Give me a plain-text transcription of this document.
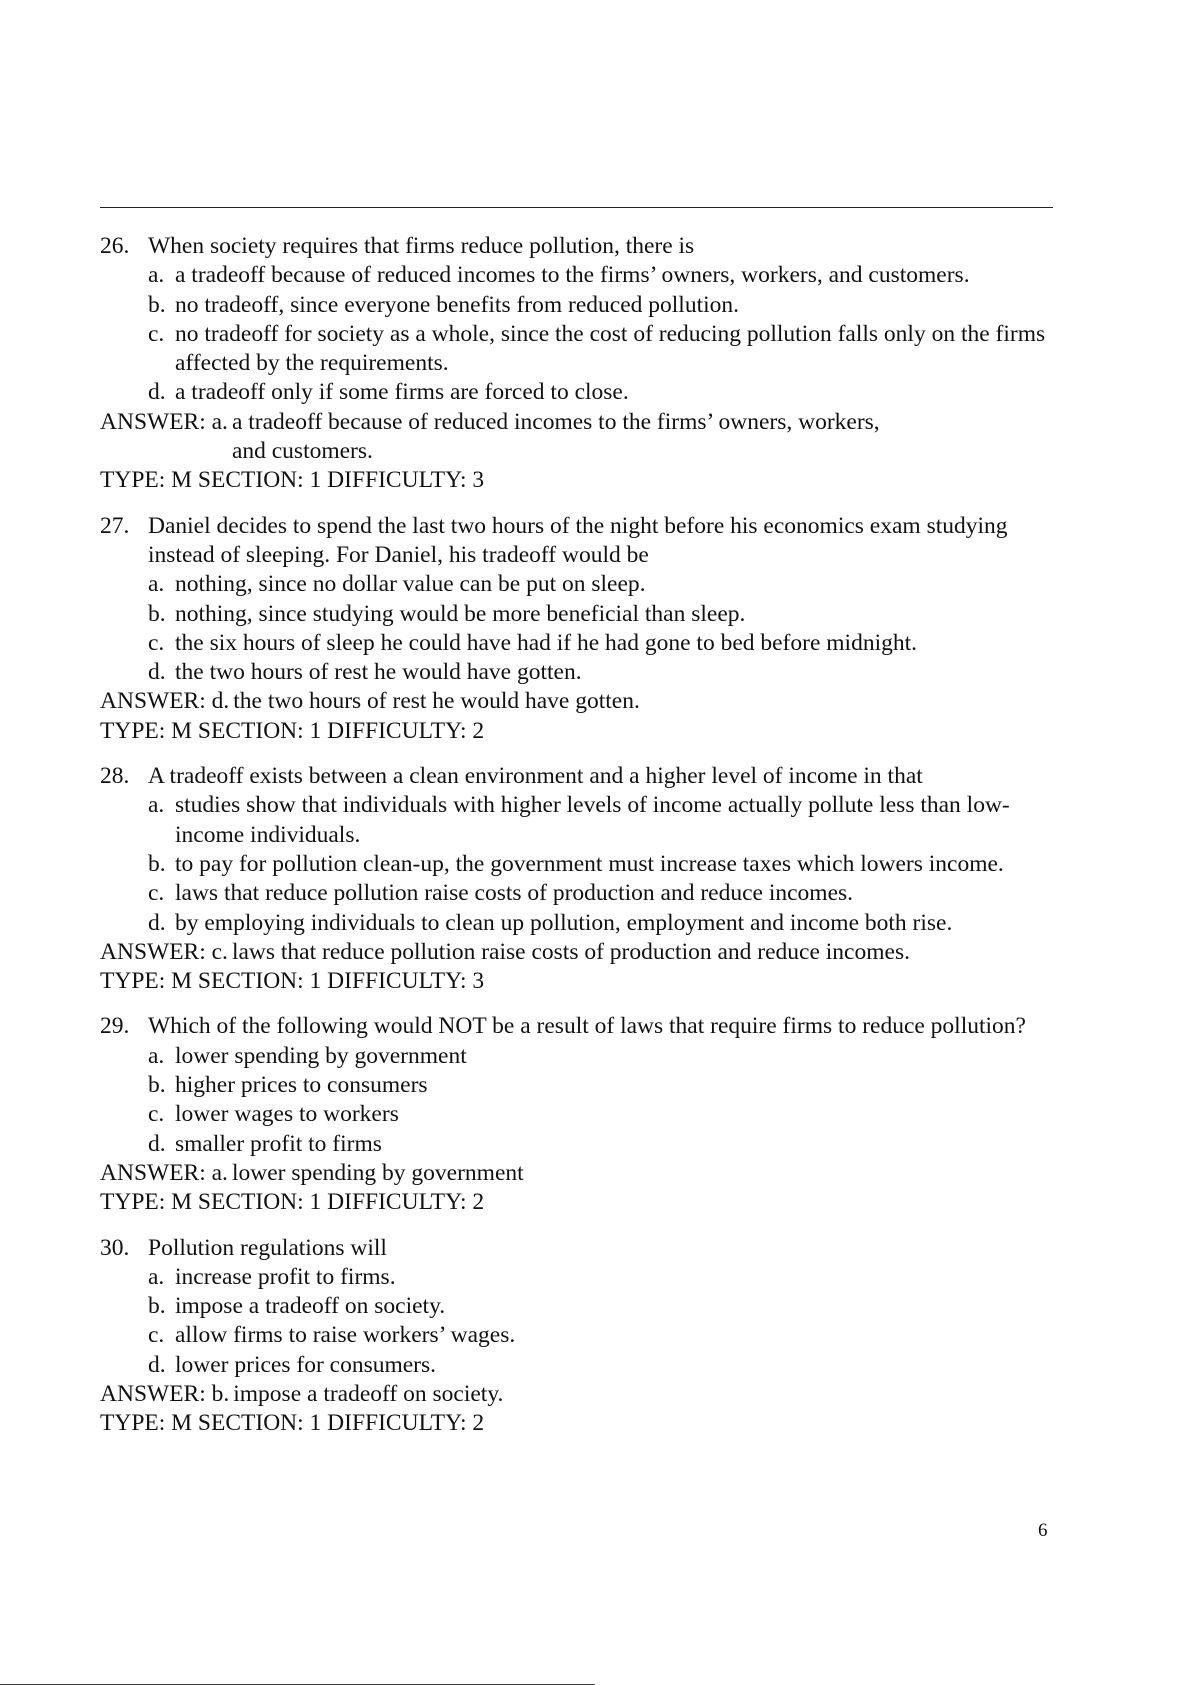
26. When society requires that firms reduce pollution, there is
a. a tradeoff because of reduced incomes to the firms’ owners, workers, and customers.
b. no tradeoff, since everyone benefits from reduced pollution.
c. no tradeoff for society as a whole, since the cost of reducing pollution falls only on the firms affected by the requirements.
d. a tradeoff only if some firms are forced to close.
ANSWER: a. a tradeoff because of reduced incomes to the firms’ owners, workers, and customers.
TYPE: M SECTION: 1 DIFFICULTY: 3
27. Daniel decides to spend the last two hours of the night before his economics exam studying instead of sleeping. For Daniel, his tradeoff would be
a. nothing, since no dollar value can be put on sleep.
b. nothing, since studying would be more beneficial than sleep.
c. the six hours of sleep he could have had if he had gone to bed before midnight.
d. the two hours of rest he would have gotten.
ANSWER: d. the two hours of rest he would have gotten.
TYPE: M SECTION: 1 DIFFICULTY: 2
28. A tradeoff exists between a clean environment and a higher level of income in that
a. studies show that individuals with higher levels of income actually pollute less than low-income individuals.
b. to pay for pollution clean-up, the government must increase taxes which lowers income.
c. laws that reduce pollution raise costs of production and reduce incomes.
d. by employing individuals to clean up pollution, employment and income both rise.
ANSWER: c. laws that reduce pollution raise costs of production and reduce incomes.
TYPE: M SECTION: 1 DIFFICULTY: 3
29. Which of the following would NOT be a result of laws that require firms to reduce pollution?
a. lower spending by government
b. higher prices to consumers
c. lower wages to workers
d. smaller profit to firms
ANSWER: a. lower spending by government
TYPE: M SECTION: 1 DIFFICULTY: 2
30. Pollution regulations will
a. increase profit to firms.
b. impose a tradeoff on society.
c. allow firms to raise workers’ wages.
d. lower prices for consumers.
ANSWER: b. impose a tradeoff on society.
TYPE: M SECTION: 1 DIFFICULTY: 2
6
